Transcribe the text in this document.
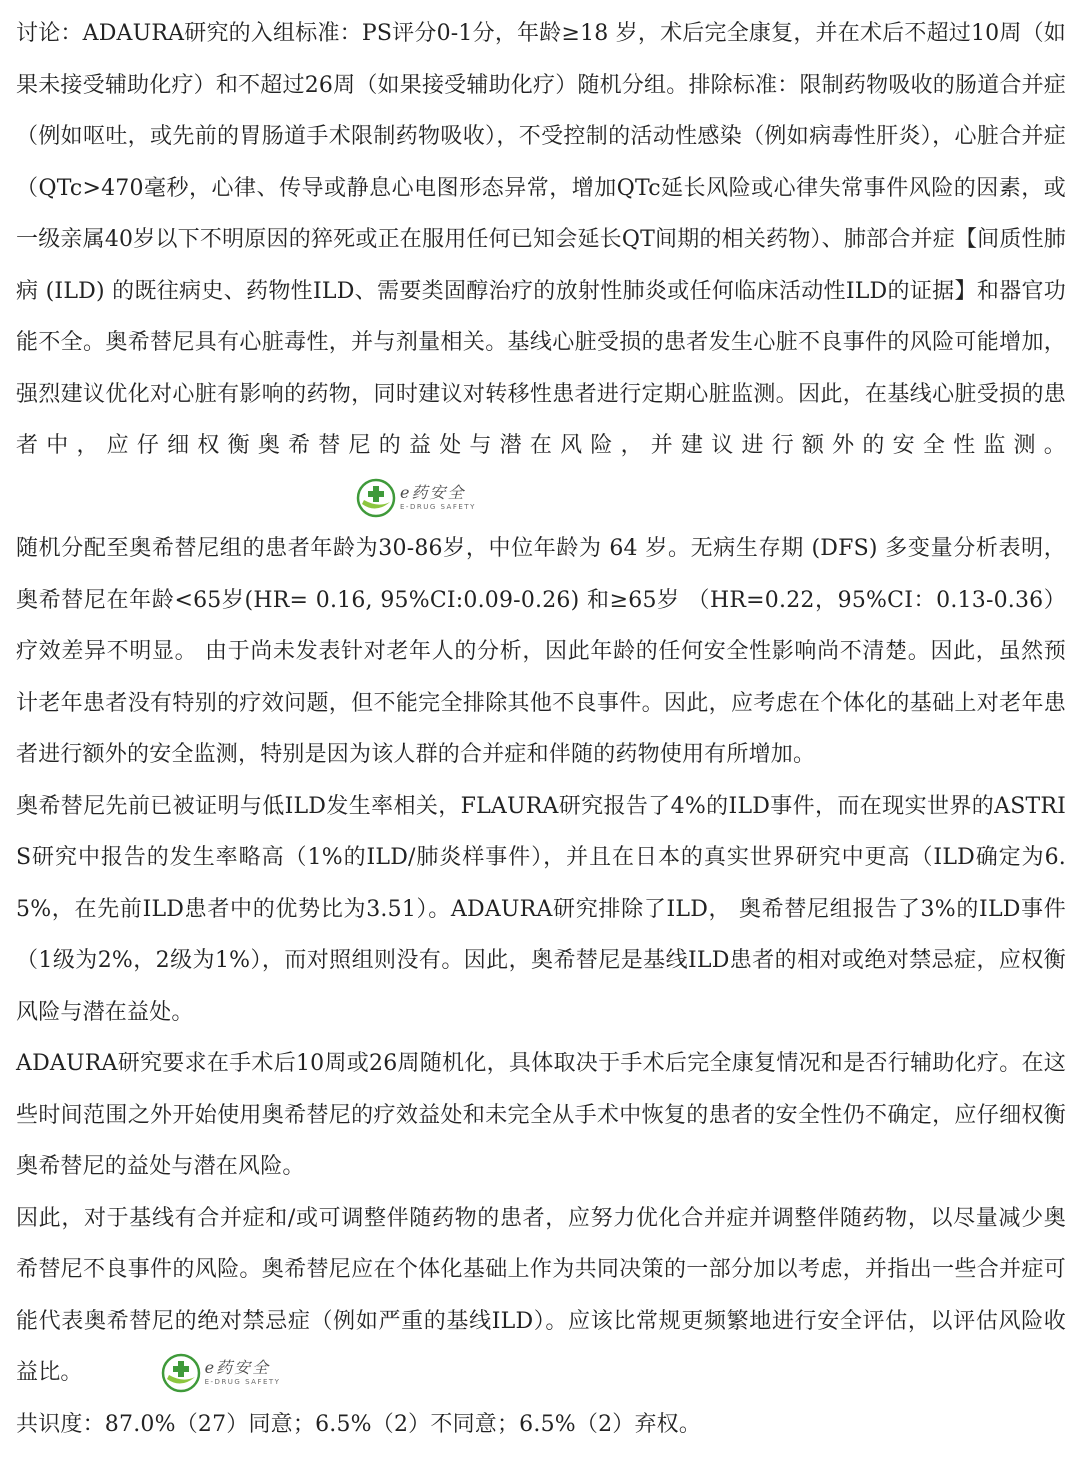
讨论：ADAURA研究的入组标准：PS评分0-1分，年龄≥18 岁，术后完全康复，并在术后不超过10周（如果未接受辅助化疗）和不超过26周（如果接受辅助化疗）随机分组。排除标准：限制药物吸收的肠道合并症（例如呕吐，或先前的胃肠道手术限制药物吸收），不受控制的活动性感染（例如病毒性肝炎），心脏合并症（QTc>470毫秒，心律、传导或静息心电图形态异常，增加QTc延长风险或心律失常事件风险的因素，或一级亲属40岁以下不明原因的猝死或正在服用任何已知会延长QT间期的相关药物）、肺部合并症【间质性肺病 (ILD) 的既往病史、药物性ILD、需要类固醇治疗的放射性肺炎或任何临床活动性ILD的证据】和器官功能不全。奥希替尼具有心脏毒性，并与剂量相关。基线心脏受损的患者发生心脏不良事件的风险可能增加，强烈建议优化对心脏有影响的药物，同时建议对转移性患者进行定期心脏监测。因此，在基线心脏受损的患者中，应仔细权衡奥希替尼的益处与潜在风险，并建议进行额外的安全性监测。
e药安全
E-DRUG SAFETY

随机分配至奥希替尼组的患者年龄为30-86岁，中位年龄为 64 岁。无病生存期 (DFS) 多变量分析表明，奥希替尼在年龄<65岁(HR= 0.16, 95%CI:0.09-0.26) 和≥65岁 （HR=0.22，95%CI：0.13-0.36）疗效差异不明显。 由于尚未发表针对老年人的分析，因此年龄的任何安全性影响尚不清楚。因此，虽然预计老年患者没有特别的疗效问题，但不能完全排除其他不良事件。因此，应考虑在个体化的基础上对老年患者进行额外的安全监测，特别是因为该人群的合并症和伴随的药物使用有所增加。

奥希替尼先前已被证明与低ILD发生率相关，FLAURA研究报告了4%的ILD事件，而在现实世界的ASTRIS研究中报告的发生率略高（1%的ILD/肺炎样事件），并且在日本的真实世界研究中更高（ILD确定为6.5%，在先前ILD患者中的优势比为3.51）。ADAURA研究排除了ILD， 奥希替尼组报告了3%的ILD事件（1级为2%，2级为1%），而对照组则没有。因此，奥希替尼是基线ILD患者的相对或绝对禁忌症，应权衡风险与潜在益处。

ADAURA研究要求在手术后10周或26周随机化，具体取决于手术后完全康复情况和是否行辅助化疗。在这些时间范围之外开始使用奥希替尼的疗效益处和未完全从手术中恢复的患者的安全性仍不确定，应仔细权衡奥希替尼的益处与潜在风险。

因此，对于基线有合并症和/或可调整伴随药物的患者，应努力优化合并症并调整伴随药物，以尽量减少奥希替尼不良事件的风险。奥希替尼应在个体化基础上作为共同决策的一部分加以考虑，并指出一些合并症可能代表奥希替尼的绝对禁忌症（例如严重的基线ILD）。应该比常规更频繁地进行安全评估，以评估风险收益比。	e药安全
E-DRUG SAFETY

共识度：87.0%（27）同意；6.5%（2）不同意；6.5%（2）弃权。
